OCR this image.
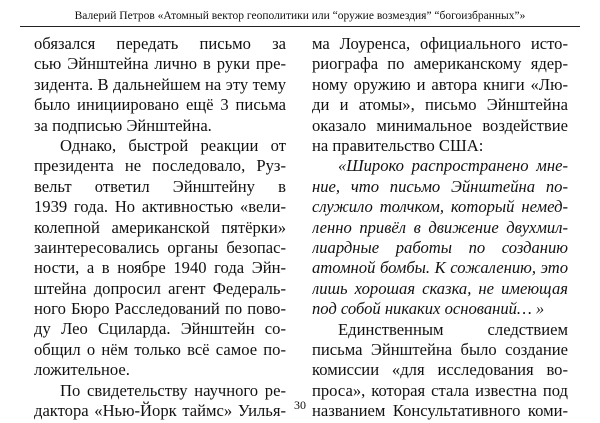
Валерий Петров «Атомный вектор геополитики или “оружие возмездия” “богоизбранных”»

обязался передать письмо за
сью Эйнштейна лично в руки пре-
зидента. В дальнейшем на эту тему
было инициировано ещё 3 письма
за подписью Эйнштейна.

Однако, быстрой реакции от
президента не последовало, Руз-
вельт ответил Эйнштейну в
1939 года. Но активностью «вели-
колепной американской пятёрки»
заинтересовались органы безопас-
ности, а в ноябре 1940 года Эйн-
штейна допросил агент Федераль-
ного Бюро Расследований по пово-
ду Лео Сциларда. Эйнштейн со-
общил о нём только всё самое по-
ложительное.

По свидетельству научного ре-
дактора «Нью-Йорк таймс» Уилья-

ма Лоуренса, официального исто-
риографа по американскому ядер-
ному оружию и автора книги «Лю-
ди и атомы», письмо Эйнштейна
оказало минимальное воздействие
на правительство США:

«Широко распространено мне-
ние, что письмо Эйнштейна по-
служило толчком, который немед-
ленно привёл в движение двухмил-
лиардные работы по созданию
атомной бомбы. К сожалению, это
лишь хорошая сказка, не имеющая
под собой никаких оснований… »

Единственным следствием
письма Эйнштейна было создание
комиссии «для исследования во-
проса», которая стала известна под
названием Консультативного коми-

30
